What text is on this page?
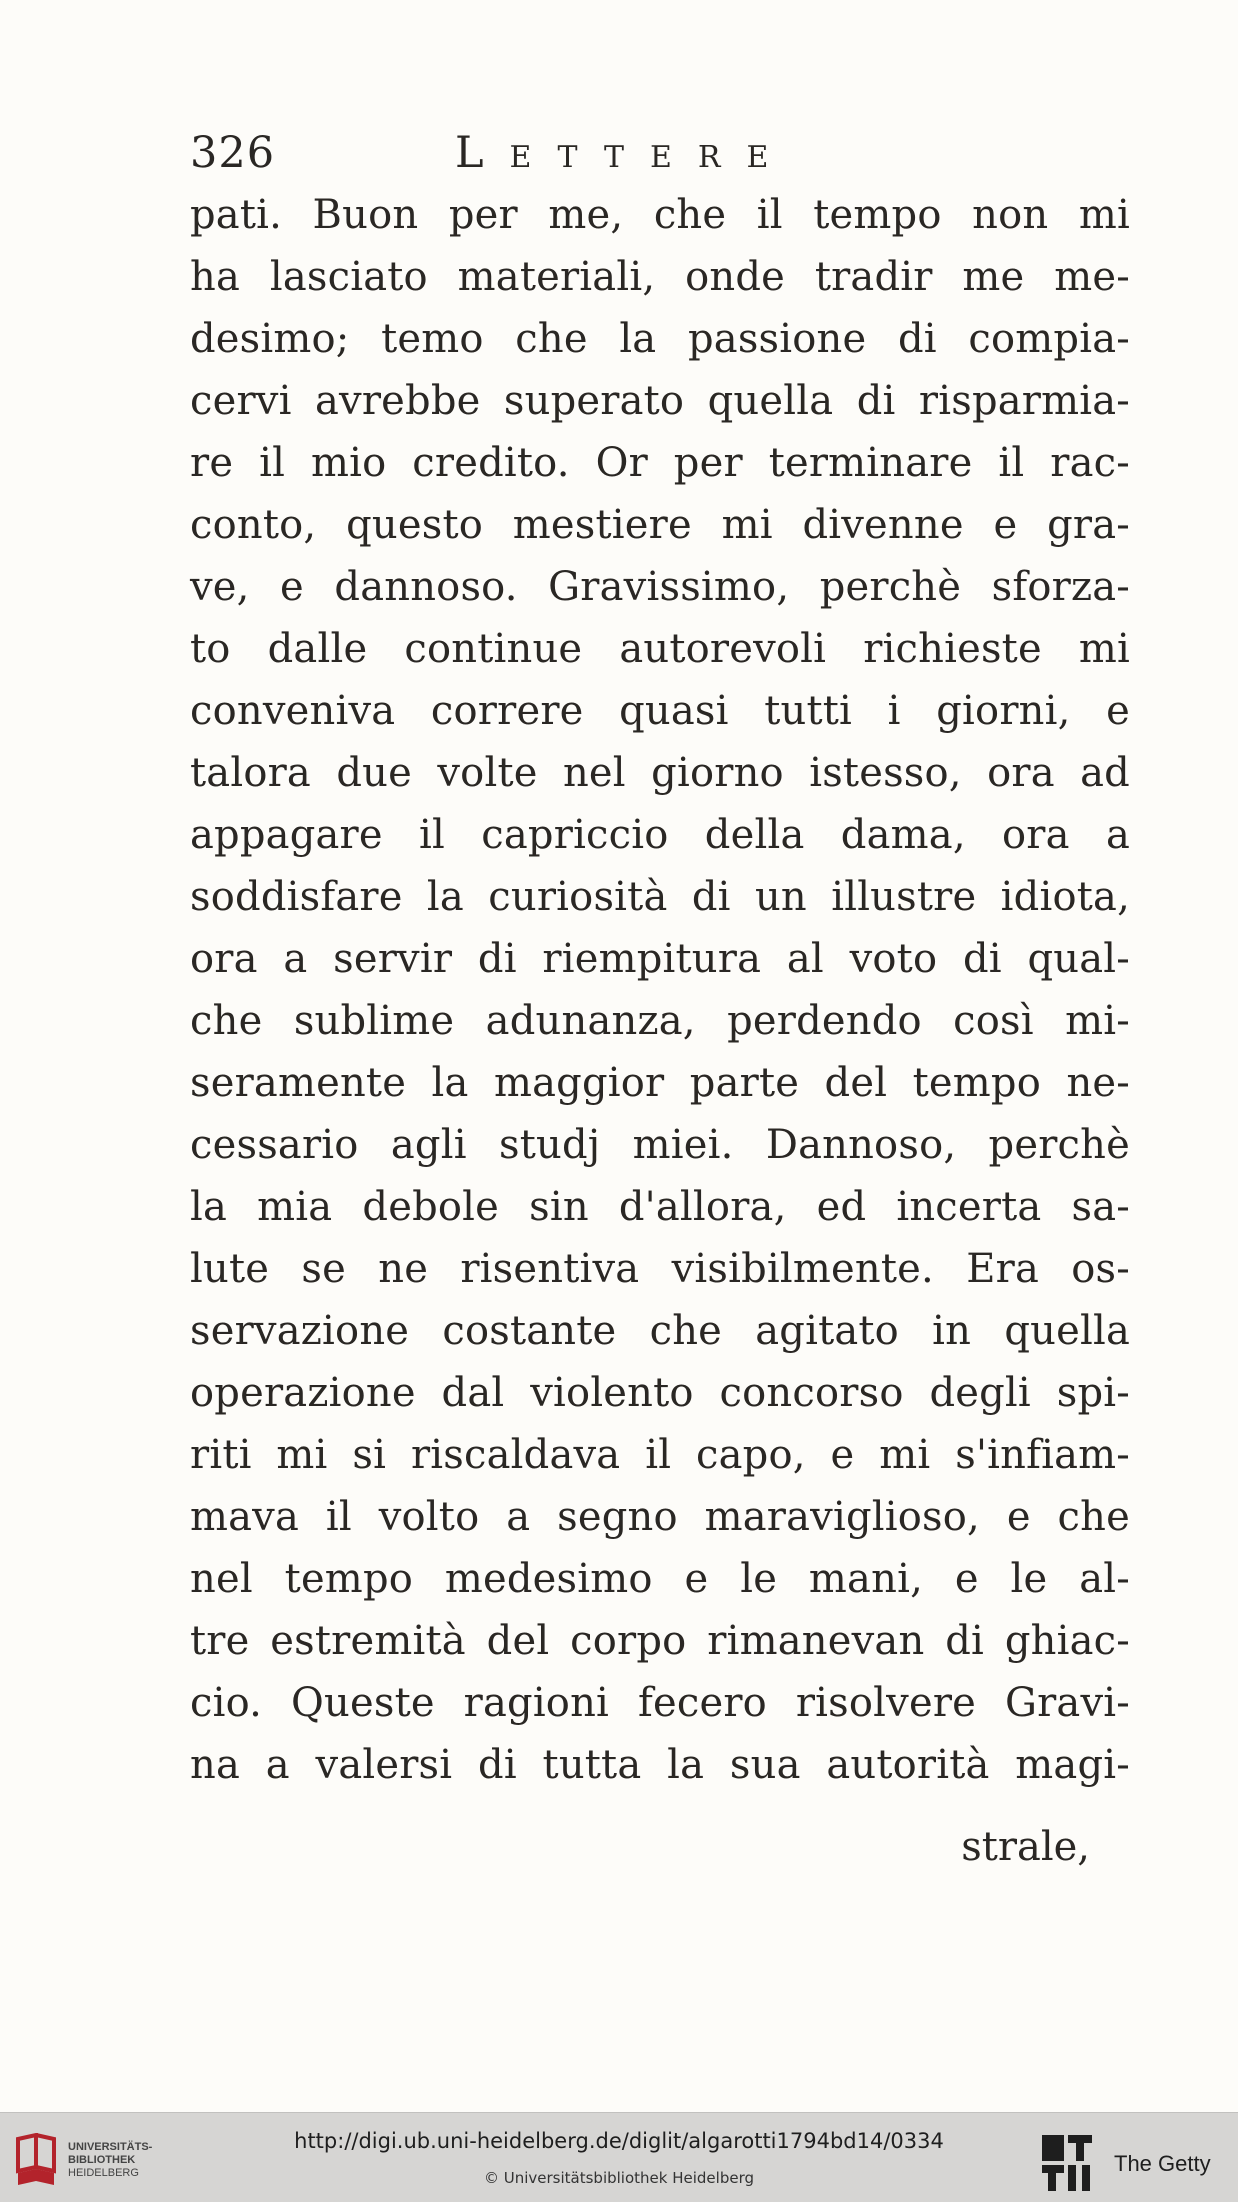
326	Lettere
pati. Buon per me, che il tempo non mi
ha lasciato materiali, onde tradir me me-
desimo; temo che la passione di compia-
cervi avrebbe superato quella di risparmia-
re il mio credito. Or per terminare il rac-
conto, questo mestiere mi divenne e gra-
ve, e dannoso. Gravissimo, perchè sforza-
to dalle continue autorevoli richieste mi
conveniva correre quasi tutti i giorni, e
talora due volte nel giorno istesso, ora ad
appagare il capriccio della dama, ora a
soddisfare la curiosità di un illustre idiota,
ora a servir di riempitura al voto di qual-
che sublime adunanza, perdendo così mi-
seramente la maggior parte del tempo ne-
cessario agli studj miei. Dannoso, perchè
la mia debole sin d'allora, ed incerta sa-
lute se ne risentiva visibilmente. Era os-
servazione costante che agitato in quella
operazione dal violento concorso degli spi-
riti mi si riscaldava il capo, e mi s'infiam-
mava il volto a segno maraviglioso, e che
nel tempo medesimo e le mani, e le al-
tre estremità del corpo rimanevan di ghiac-
cio. Queste ragioni fecero risolvere Gravi-
na a valersi di tutta la sua autorità magi-
strale,
UNIVERSITÄTS-
BIBLIOTHEK
HEIDELBERG
http://digi.ub.uni-heidelberg.de/diglit/algarotti1794bd14/0334
© Universitätsbibliothek Heidelberg
The Getty
